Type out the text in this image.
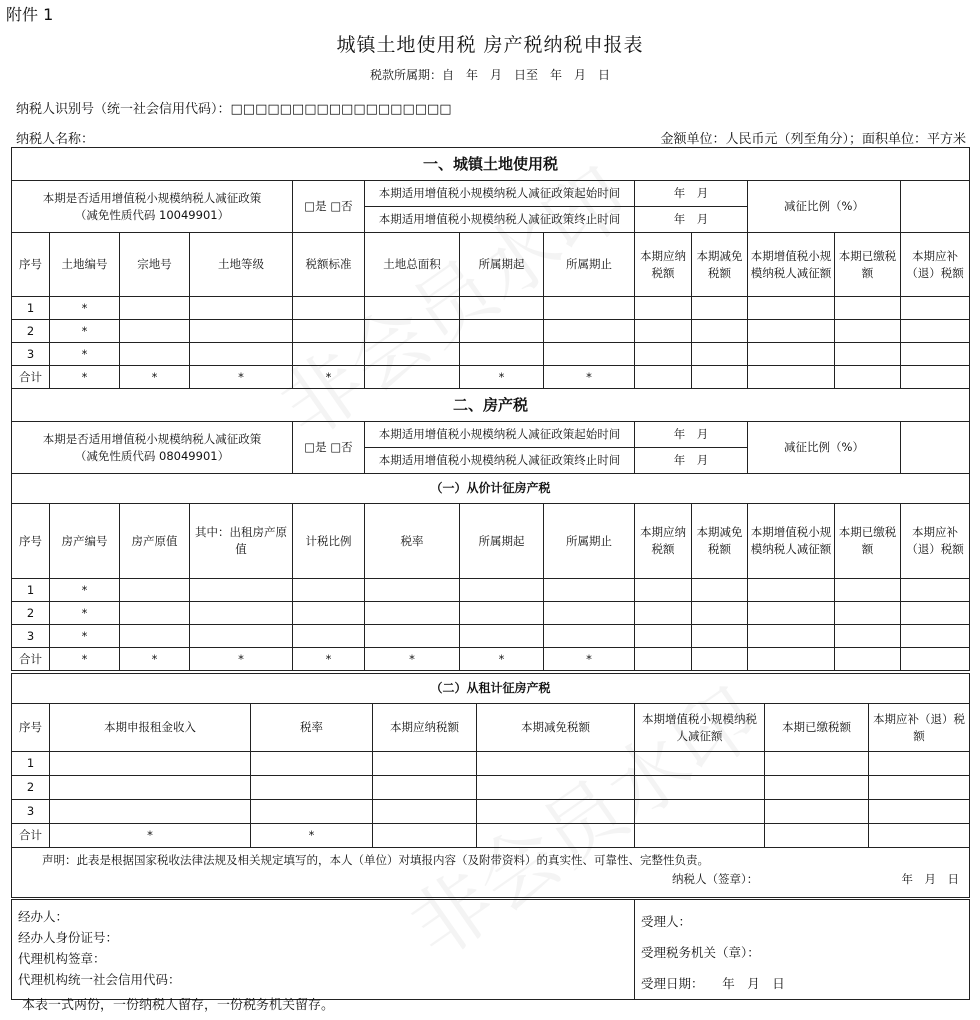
附件 1
城镇土地使用税 房产税纳税申报表
税款所属期：自　年　月　日至　年　月　日
纳税人识别号（统一社会信用代码）：□□□□□□□□□□□□□□□□□□
纳税人名称：	金额单位：人民币元（列至角分）；面积单位：平方米
一、城镇土地使用税												

本期是否适用增值税小规模纳税人减征政策
（减免性质代码 10049901）				□是 □否	本期适用增值税小规模纳税人减征政策起始时间			年　月		减征比例（%）		
					本期适用增值税小规模纳税人减征政策终止时间			年　月				
序号	土地编号	宗地号	土地等级	税额标准	土地总面积	所属期起	所属期止	本期应纳税额	本期减免税额	本期增值税小规模纳税人减征额	本期已缴税额	本期应补（退）税额
1	*											
2	*											
3	*											
合计	*	*	*	*		*	*					
二、房产税												

本期是否适用增值税小规模纳税人减征政策
（减免性质代码 08049901）				□是 □否	本期适用增值税小规模纳税人减征政策起始时间			年　月		减征比例（%）		
					本期适用增值税小规模纳税人减征政策终止时间			年　月				
（一）从价计征房产税												
序号	房产编号	房产原值	其中：出租房产原值	计税比例	税率	所属期起	所属期止	本期应纳税额	本期减免税额	本期增值税小规模纳税人减征额	本期已缴税额	本期应补（退）税额
1	*											
2	*											
3	*											
合计	*	*	*	*	*	*	*					
（二）从租计征房产税							
序号	本期申报租金收入	税率	本期应纳税额	本期减免税额	本期增值税小规模纳税人减征额	本期已缴税额	本期应补（退）税额
1							
2							
3							
合计	*	*					

声明：此表是根据国家税收法律法规及相关规定填写的，本人（单位）对填报内容（及附带资料）的真实性、可靠性、完整性负责。
纳税人（签章）： 年　月　日							
经办人：
经办人身份证号：
代理机构签章：
代理机构统一社会信用代码：

受理人：
受理税务机关（章）：
受理日期：　　年　月　日
本表一式两份，一份纳税人留存，一份税务机关留存。
